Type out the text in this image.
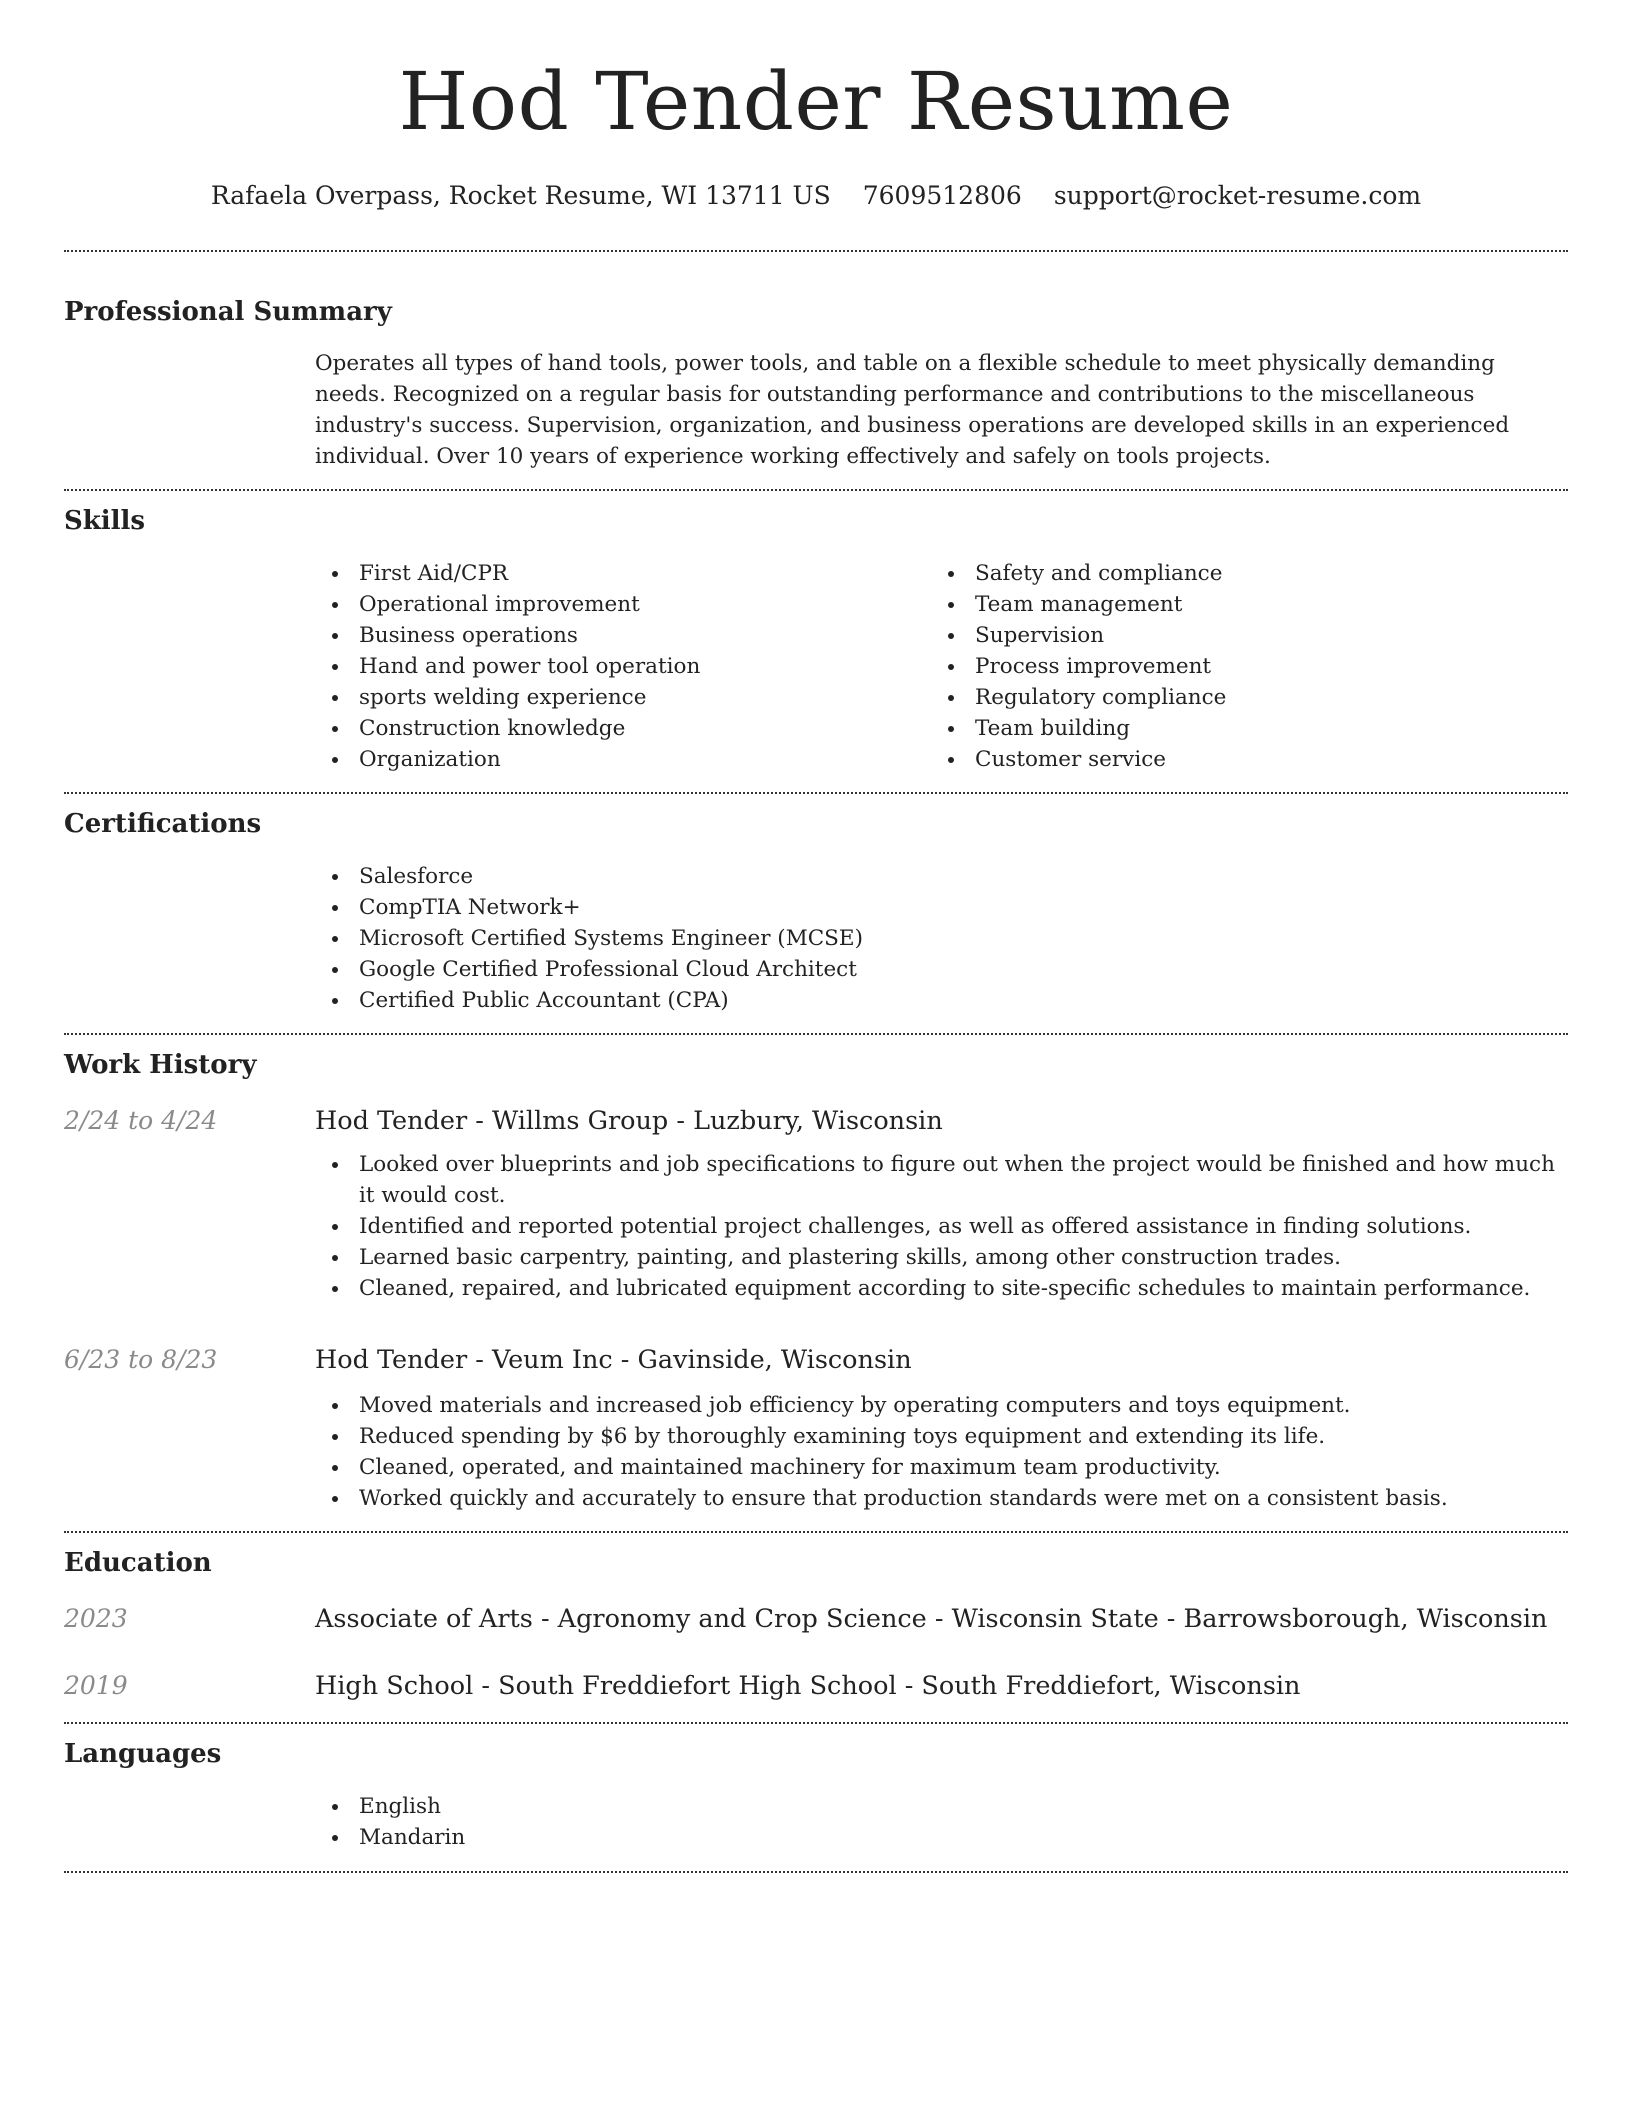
Hod Tender Resume
Rafaela Overpass, Rocket Resume, WI 13711 US 7609512806 support@rocket-resume.com
Professional Summary

Operates all types of hand tools, power tools, and table on a flexible schedule to meet physically demanding needs. Recognized on a regular basis for outstanding performance and contributions to the miscellaneous industry's success. Supervision, organization, and business operations are developed skills in an experienced individual. Over 10 years of experience working effectively and safely on tools projects.

Skills
First Aid/CPR
Operational improvement
Business operations
Hand and power tool operation
sports welding experience
Construction knowledge
Organization
Safety and compliance
Team management
Supervision
Process improvement
Regulatory compliance
Team building
Customer service
Certifications
Salesforce
CompTIA Network+
Microsoft Certified Systems Engineer (MCSE)
Google Certified Professional Cloud Architect
Certified Public Accountant (CPA)
Work History
2/24 to 4/24	Hod Tender - Willms Group - Luzbury, Wisconsin
Looked over blueprints and job specifications to figure out when the project would be finished and how much it would cost.
Identified and reported potential project challenges, as well as offered assistance in finding solutions.
Learned basic carpentry, painting, and plastering skills, among other construction trades.
Cleaned, repaired, and lubricated equipment according to site-specific schedules to maintain performance.
6/23 to 8/23	Hod Tender - Veum Inc - Gavinside, Wisconsin
Moved materials and increased job efficiency by operating computers and toys equipment.
Reduced spending by $6 by thoroughly examining toys equipment and extending its life.
Cleaned, operated, and maintained machinery for maximum team productivity.
Worked quickly and accurately to ensure that production standards were met on a consistent basis.
Education
2023	Associate of Arts - Agronomy and Crop Science - Wisconsin State - Barrowsborough, Wisconsin
2019	High School - South Freddiefort High School - South Freddiefort, Wisconsin
Languages
English
Mandarin
